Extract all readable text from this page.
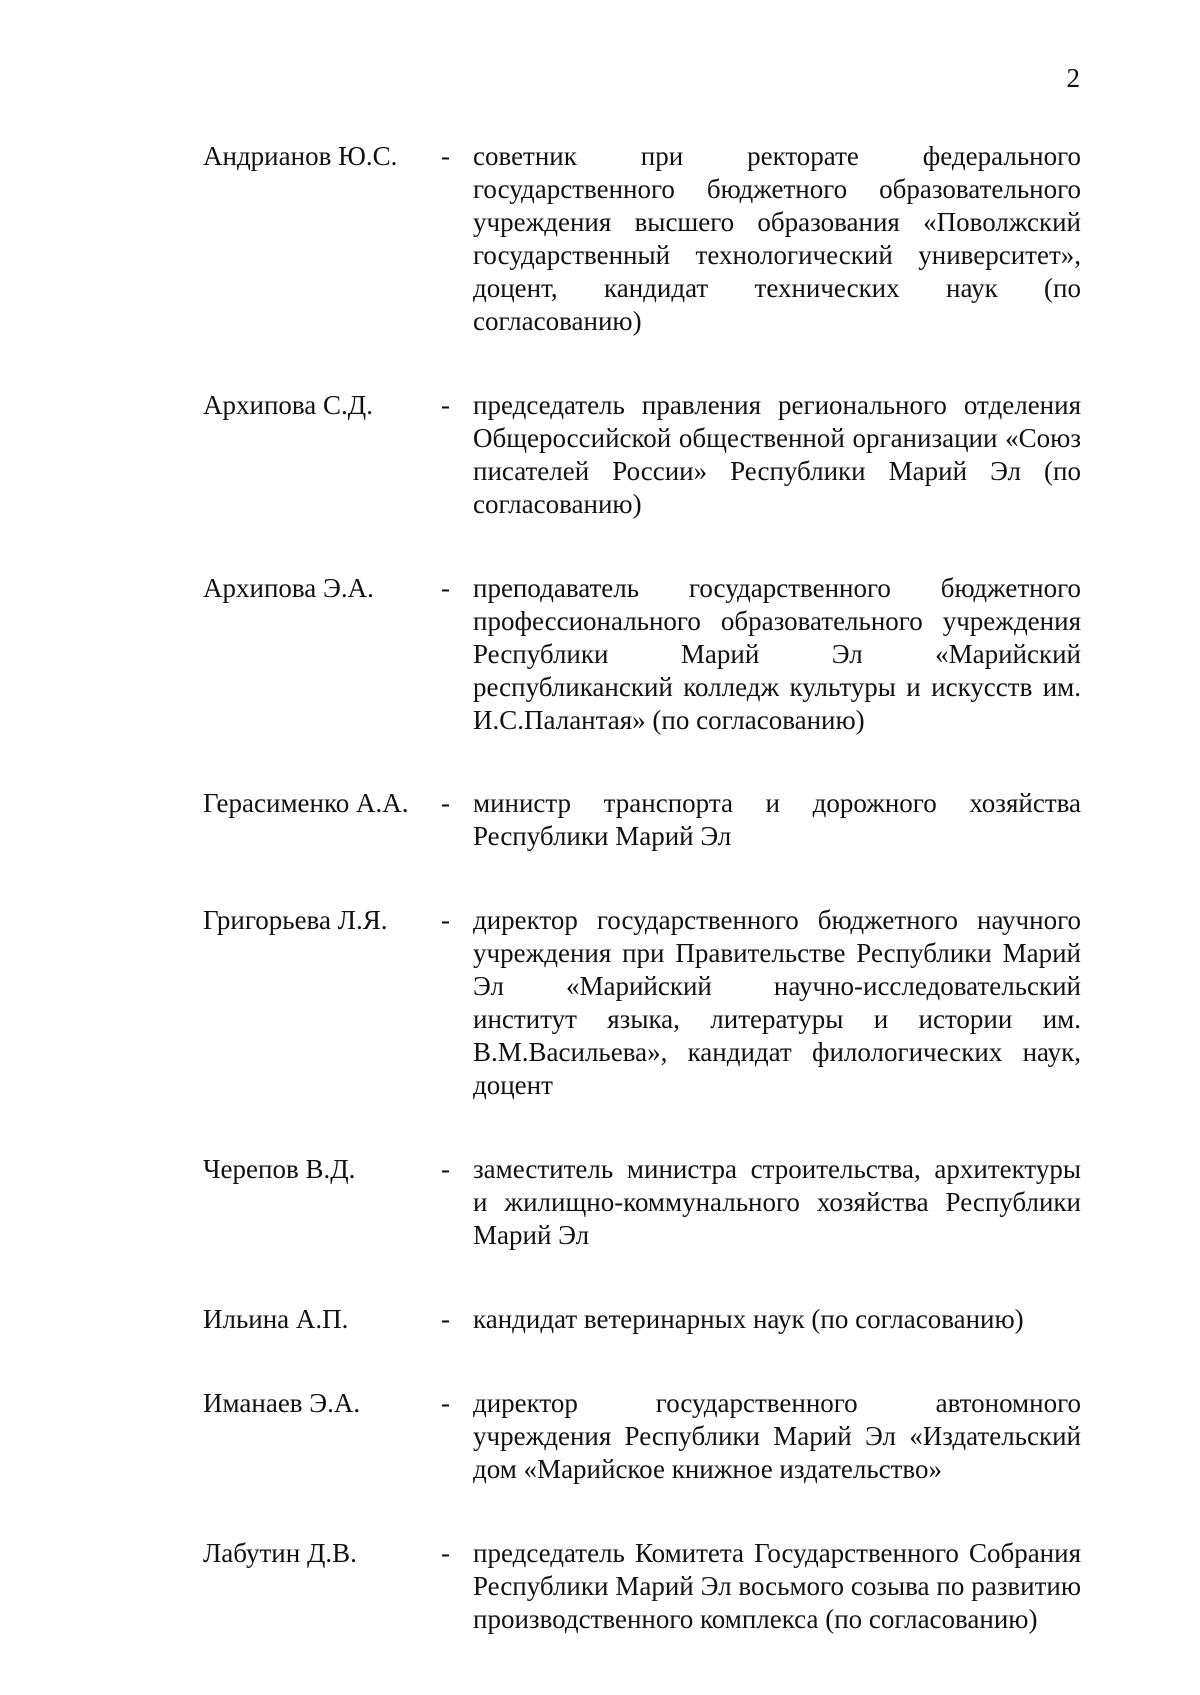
2
Андрианов Ю.С. - советник при ректорате федерального государственного бюджетного образовательного учреждения высшего образования «Поволжский государственный технологический университет», доцент, кандидат технических наук (по согласованию)
Архипова С.Д.	- председатель правления регионального отделения Общероссийской общественной организации «Союз писателей России» Республики Марий Эл (по согласованию)
Архипова Э.А. - преподаватель государственного бюджетного профессионального образовательного учреждения Республики Марий Эл «Марийский республиканский колледж культуры и искусств им. И.С.Палантая» (по согласованию)
Герасименко А.А. - министр транспорта и дорожного хозяйства Республики Марий Эл
Григорьева Л.Я. - директор государственного бюджетного научного учреждения при Правительстве Республики Марий Эл «Марийский научно-исследовательский институт языка, литературы и истории им. В.М.Васильева», кандидат филологических наук, доцент
Черепов В.Д.	- заместитель министра строительства, архитектуры и жилищно-коммунального хозяйства Республики Марий Эл
Ильина А.П.	- кандидат ветеринарных наук (по согласованию)
Иманаев Э.А.	- директор государственного автономного учреждения Республики Марий Эл «Издательский дом «Марийское книжное издательство»
Лабутин Д.В.	- председатель Комитета Государственного Собрания Республики Марий Эл восьмого созыва по развитию производственного комплекса (по согласованию)
